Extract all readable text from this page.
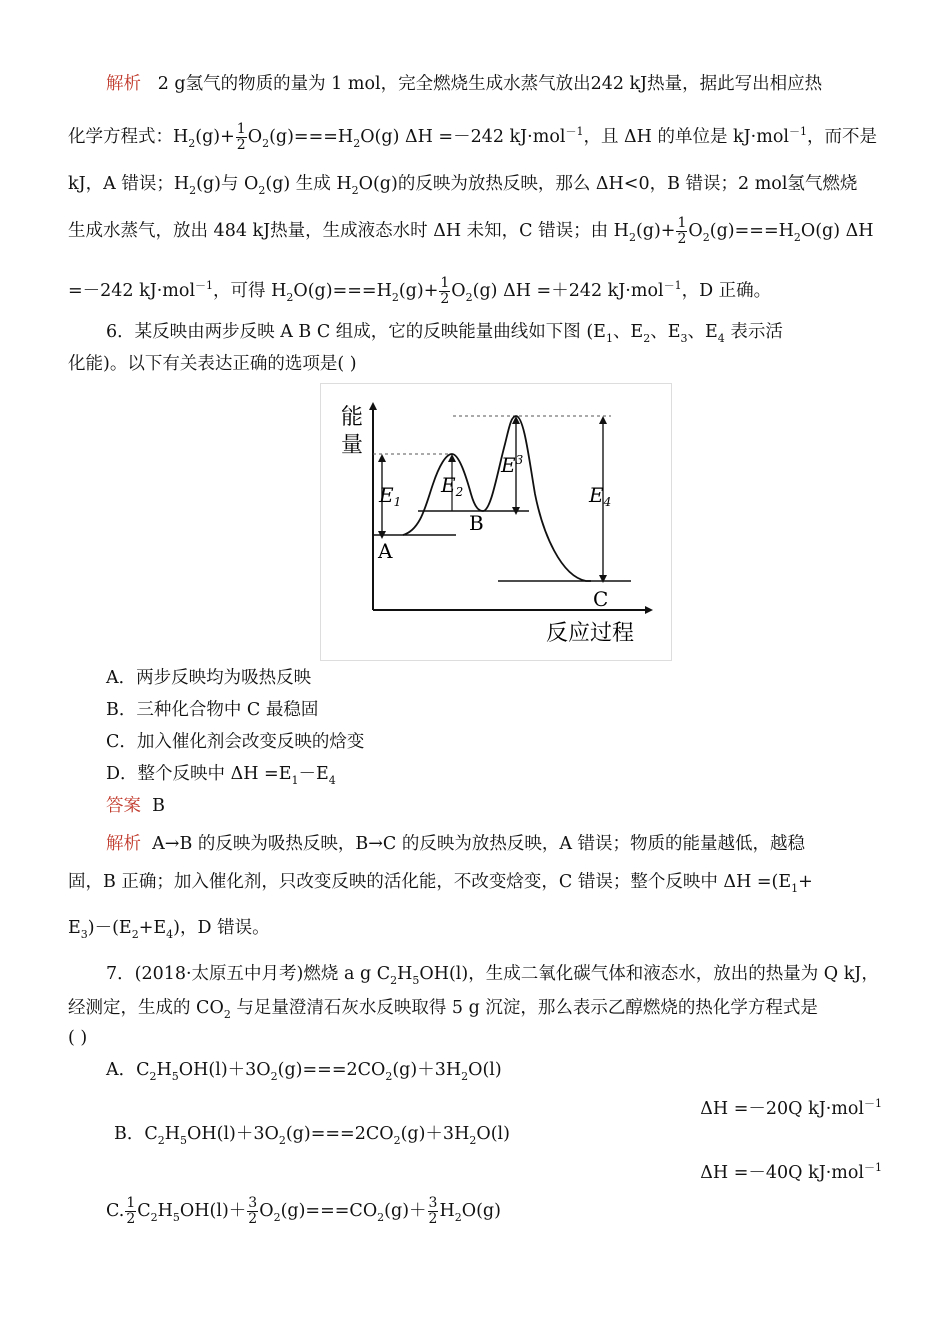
解析 2 g氢气的物质的量为 1 mol，完全燃烧生成水蒸气放出242 kJ热量，据此写出相应热
化学方程式：$H_2(g)+ \frac{1}{2} O_2(g)===H_2O(g)$ ΔH =－242 kJ·mol$^{-1}$，且 ΔH 的单位是 kJ·mol$^{-1}$，而不是
kJ，A 错误；$H_2(g)$与 $O_2(g)$ 生成 $H_2O(g)$的反映为放热反映，那么 ΔH<0，B 错误；2 mol氢气燃烧
生成水蒸气，放出 484 kJ热量，生成液态水时 ΔH 未知，C 错误；由 $H_2(g)+ \frac{1}{2} O_2(g)===H_2O(g)$ ΔH
=－242 kJ·mol$^{-1}$，可得 $H_2O(g)===H_2(g)+ \frac{1}{2} O_2(g)$ ΔH =＋242 kJ·mol$^{-1}$，D 正确。
6．某反映由两步反映 A B C 组成，它的反映能量曲线如下图 ($E_1$、$E_2$、$E_3$、$E_4$ 表示活
化能)。以下有关表达正确的选项是( )
能
量
反应过程
$E_1$
$E_2$
$E^3$
$E_4$
A
B
C
A．两步反映均为吸热反映
B．三种化合物中 C 最稳固
C．加入催化剂会改变反映的焓变
D．整个反映中 $\Delta H =E_1-E_4$
答案 B
解析 A→B 的反映为吸热反映，B→C 的反映为放热反映，A 错误；物质的能量越低，越稳
固，B 正确；加入催化剂，只改变反映的活化能，不改变焓变，C 错误；整个反映中 $\Delta H =(E_1+$
$E_3)-(E_2+E_4)$，D 错误。
7．(2018·太原五中月考)燃烧 a g $C_2H_5OH(l)$，生成二氧化碳气体和液态水，放出的热量为 Q kJ，
经测定，生成的 $CO_2$ 与足量澄清石灰水反映取得 5 g 沉淀，那么表示乙醇燃烧的热化学方程式是
( )
A．$C_2H_5OH(l)+3O_2(g)===2CO_2(g)+3H_2O(l)$
ΔH =－20Q kJ·mol$^{-1}$
B．$C_2H_5OH(l)+3O_2(g)===2CO_2(g)+3H_2O(l)$
ΔH =－40Q kJ·mol$^{-1}$
C. $\frac{1}{2} C_2H_5OH(l)+ \frac{3}{2} O_2(g)===CO_2(g)+ \frac{3}{2} H_2O(g)$
